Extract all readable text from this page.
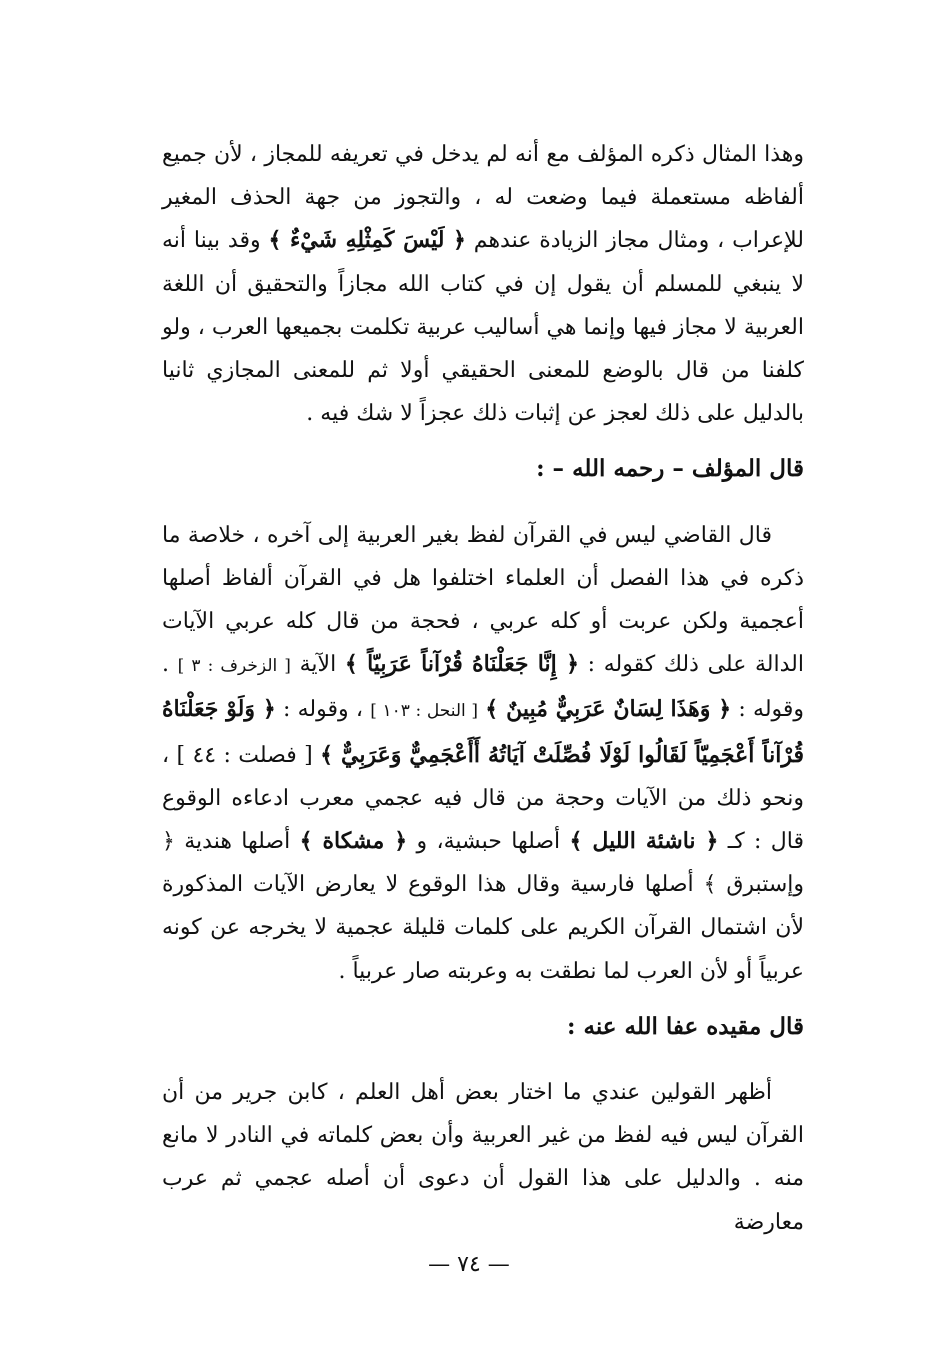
وهذا المثال ذكره المؤلف مع أنه لم يدخل في تعريفه للمجاز ، لأن جميع ألفاظه مستعملة فيما وضعت له ، والتجوز من جهة الحذف المغير للإعراب ، ومثال مجاز الزيادة عندهم ﴿ لَيْسَ كَمِثْلِهِ شَيْءٌ ﴾ وقد بينا أنه لا ينبغي للمسلم أن يقول إن في كتاب الله مجازاً والتحقيق أن اللغة العربية لا مجاز فيها وإنما هي أساليب عربية تكلمت بجميعها العرب ، ولو كلفنا من قال بالوضع للمعنى الحقيقي أولا ثم للمعنى المجازي ثانيا بالدليل على ذلك لعجز عن إثبات ذلك عجزاً لا شك فيه .

قال المؤلف – رحمه الله – :

قال القاضي ليس في القرآن لفظ بغير العربية إلى آخره ، خلاصة ما ذكره في هذا الفصل أن العلماء اختلفوا هل في القرآن ألفاظ أصلها أعجمية ولكن عربت أو كله عربي ، فحجة من قال كله عربي الآيات الدالة على ذلك كقوله : ﴿ إِنَّا جَعَلْنَاهُ قُرْآناً عَرَبِيّاً ﴾ الآية [ الزخرف : ٣ ] . وقوله : ﴿ وَهَذَا لِسَانٌ عَرَبِيٌّ مُبِينٌ ﴾ [ النحل : ١٠٣ ] ، وقوله : ﴿ وَلَوْ جَعَلْنَاهُ قُرْآناً أَعْجَمِيّاً لَقَالُوا لَوْلَا فُصِّلَتْ آيَاتُهُ أَأَعْجَمِيٌّ وَعَرَبِيٌّ ﴾ [ فصلت : ٤٤ ] ، ونحو ذلك من الآيات وحجة من قال فيه عجمي معرب ادعاءه الوقوع قال : كـ ﴿ ناشئة الليل ﴾ أصلها حبشية، و ﴿ مشكاة ﴾ أصلها هندية ﴿ وإستبرق ﴾ أصلها فارسية وقال هذا الوقوع لا يعارض الآيات المذكورة لأن اشتمال القرآن الكريم على كلمات قليلة عجمية لا يخرجه عن كونه عربياً أو لأن العرب لما نطقت به وعربته صار عربياً .

قال مقيده عفا الله عنه :

أظهر القولين عندي ما اختار بعض أهل العلم ، كابن جرير من أن القرآن ليس فيه لفظ من غير العربية وأن بعض كلماته في النادر لا مانع منه . والدليل على هذا القول أن دعوى أن أصله عجمي ثم عرب معارضة

— ٧٤ —
